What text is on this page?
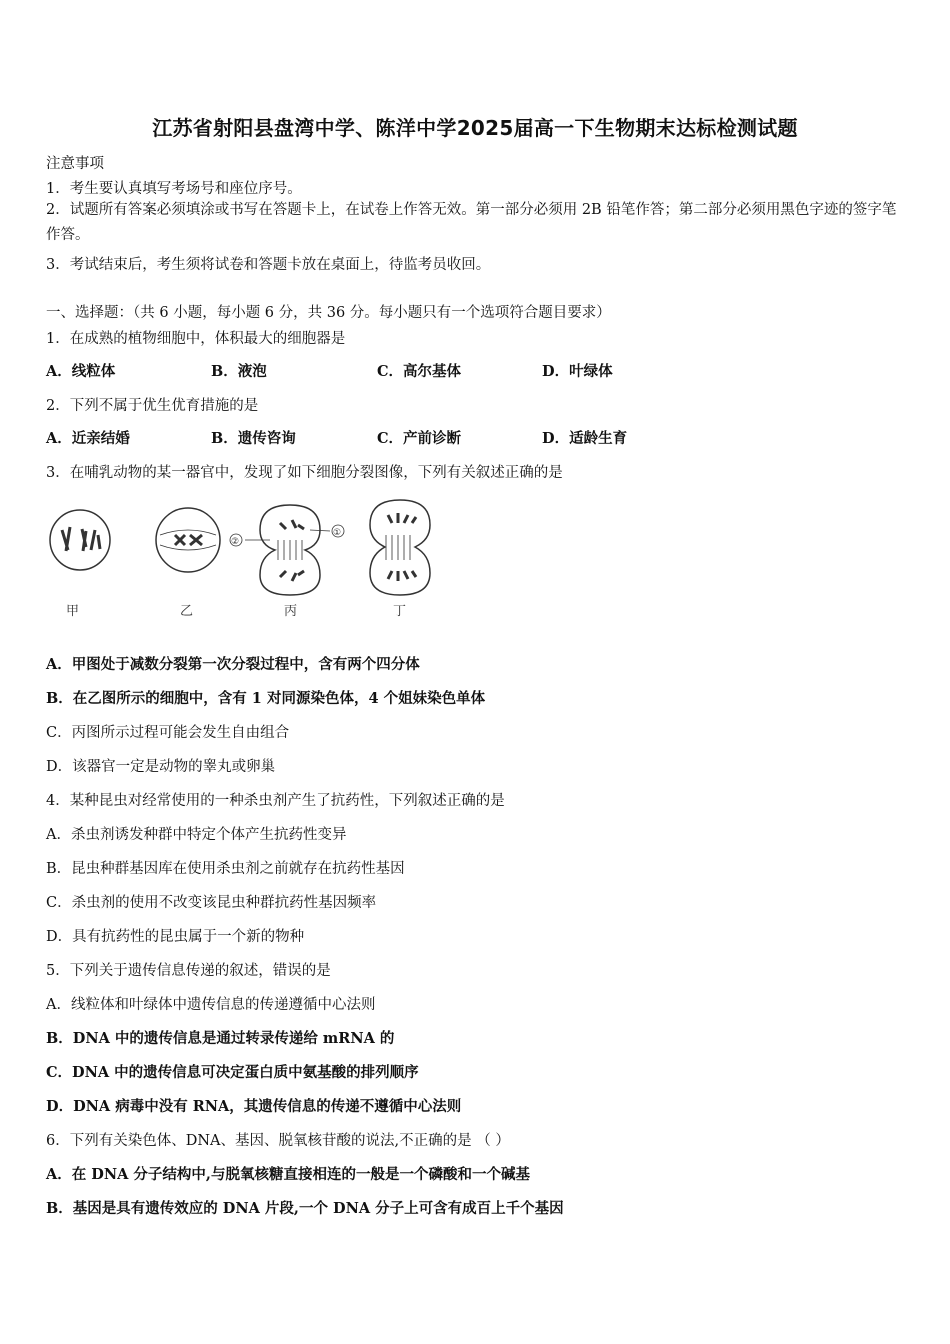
江苏省射阳县盘湾中学、陈洋中学2025届高一下生物期末达标检测试题
注意事项
1．考生要认真填写考场号和座位序号。
2．试题所有答案必须填涂或书写在答题卡上，在试卷上作答无效。第一部分必须用 2B 铅笔作答；第二部分必须用黑色字迹的签字笔作答。
3．考试结束后，考生须将试卷和答题卡放在桌面上，待监考员收回。
一、选择题：（共 6 小题，每小题 6 分，共 36 分。每小题只有一个选项符合题目要求）
1．在成熟的植物细胞中，体积最大的细胞器是
A．线粒体	B．液泡	C．高尔基体	D．叶绿体
2．下列不属于优生优育措施的是
A．近亲结婚	B．遗传咨询	C．产前诊断	D．适龄生育
3．在哺乳动物的某一器官中，发现了如下细胞分裂图像，下列有关叙述正确的是
甲	乙
②
①
丙	丁
A．甲图处于减数分裂第一次分裂过程中，含有两个四分体
B．在乙图所示的细胞中，含有 1 对同源染色体，4 个姐妹染色单体
C．丙图所示过程可能会发生自由组合
D．该器官一定是动物的睾丸或卵巢
4．某种昆虫对经常使用的一种杀虫剂产生了抗药性，下列叙述正确的是
A．杀虫剂诱发种群中特定个体产生抗药性变异
B．昆虫种群基因库在使用杀虫剂之前就存在抗药性基因
C．杀虫剂的使用不改变该昆虫种群抗药性基因频率
D．具有抗药性的昆虫属于一个新的物种
5．下列关于遗传信息传递的叙述，错误的是
A．线粒体和叶绿体中遗传信息的传递遵循中心法则
B．DNA 中的遗传信息是通过转录传递给 mRNA 的
C．DNA 中的遗传信息可决定蛋白质中氨基酸的排列顺序
D．DNA 病毒中没有 RNA，其遗传信息的传递不遵循中心法则
6．下列有关染色体、DNA、基因、脱氧核苷酸的说法,不正确的是 （ ）
A．在 DNA 分子结构中,与脱氧核糖直接相连的一般是一个磷酸和一个碱基
B．基因是具有遗传效应的 DNA 片段,一个 DNA 分子上可含有成百上千个基因
